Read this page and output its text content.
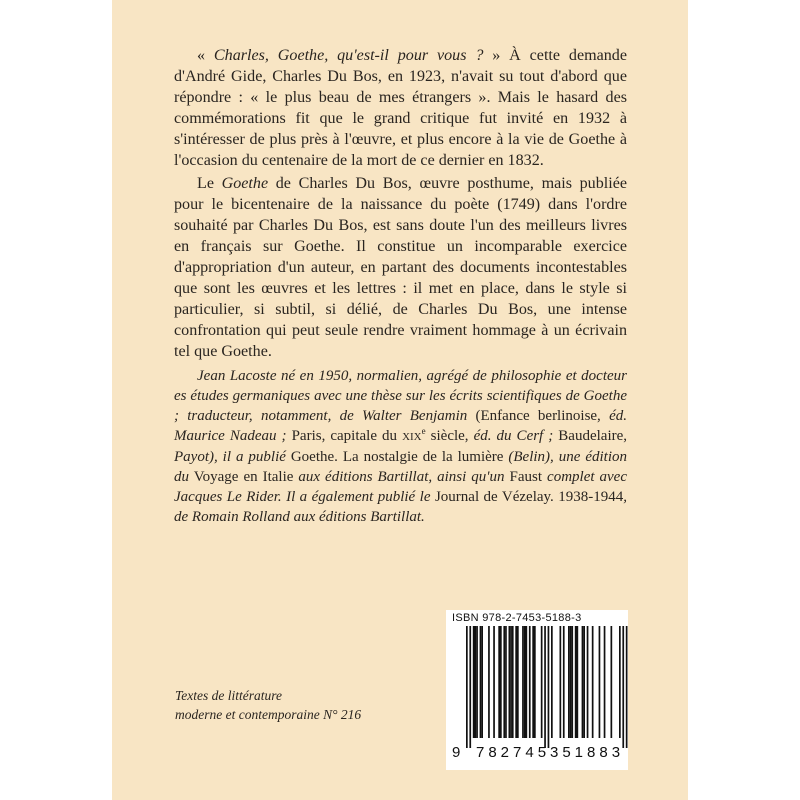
« Charles, Goethe, qu'est-il pour vous ? » À cette demande d'André Gide, Charles Du Bos, en 1923, n'avait su tout d'abord que répondre : « le plus beau de mes étrangers ». Mais le hasard des commémorations fit que le grand critique fut invité en 1932 à s'intéresser de plus près à l'œuvre, et plus encore à la vie de Goethe à l'occasion du centenaire de la mort de ce dernier en 1832.

Le Goethe de Charles Du Bos, œuvre posthume, mais publiée pour le bicentenaire de la naissance du poète (1749) dans l'ordre souhaité par Charles Du Bos, est sans doute l'un des meilleurs livres en français sur Goethe. Il constitue un incomparable exercice d'appropriation d'un auteur, en partant des documents incontestables que sont les œuvres et les lettres : il met en place, dans le style si particulier, si subtil, si délié, de Charles Du Bos, une intense confrontation qui peut seule rendre vraiment hommage à un écrivain tel que Goethe.

Jean Lacoste né en 1950, normalien, agrégé de philosophie et docteur es études germaniques avec une thèse sur les écrits scientifiques de Goethe ; traducteur, notamment, de Walter Benjamin (Enfance berlinoise, éd. Maurice Nadeau ; Paris, capitale du XIXe siècle, éd. du Cerf ; Baudelaire, Payot), il a publié Goethe. La nostalgie de la lumière (Belin), une édition du Voyage en Italie aux éditions Bartillat, ainsi qu'un Faust complet avec Jacques Le Rider. Il a également publié le Journal de Vézelay. 1938-1944, de Romain Rolland aux éditions Bartillat.

Textes de littérature
moderne et contemporaine N° 216
ISBN 978-2-7453-5188-3
9 782745 351883
